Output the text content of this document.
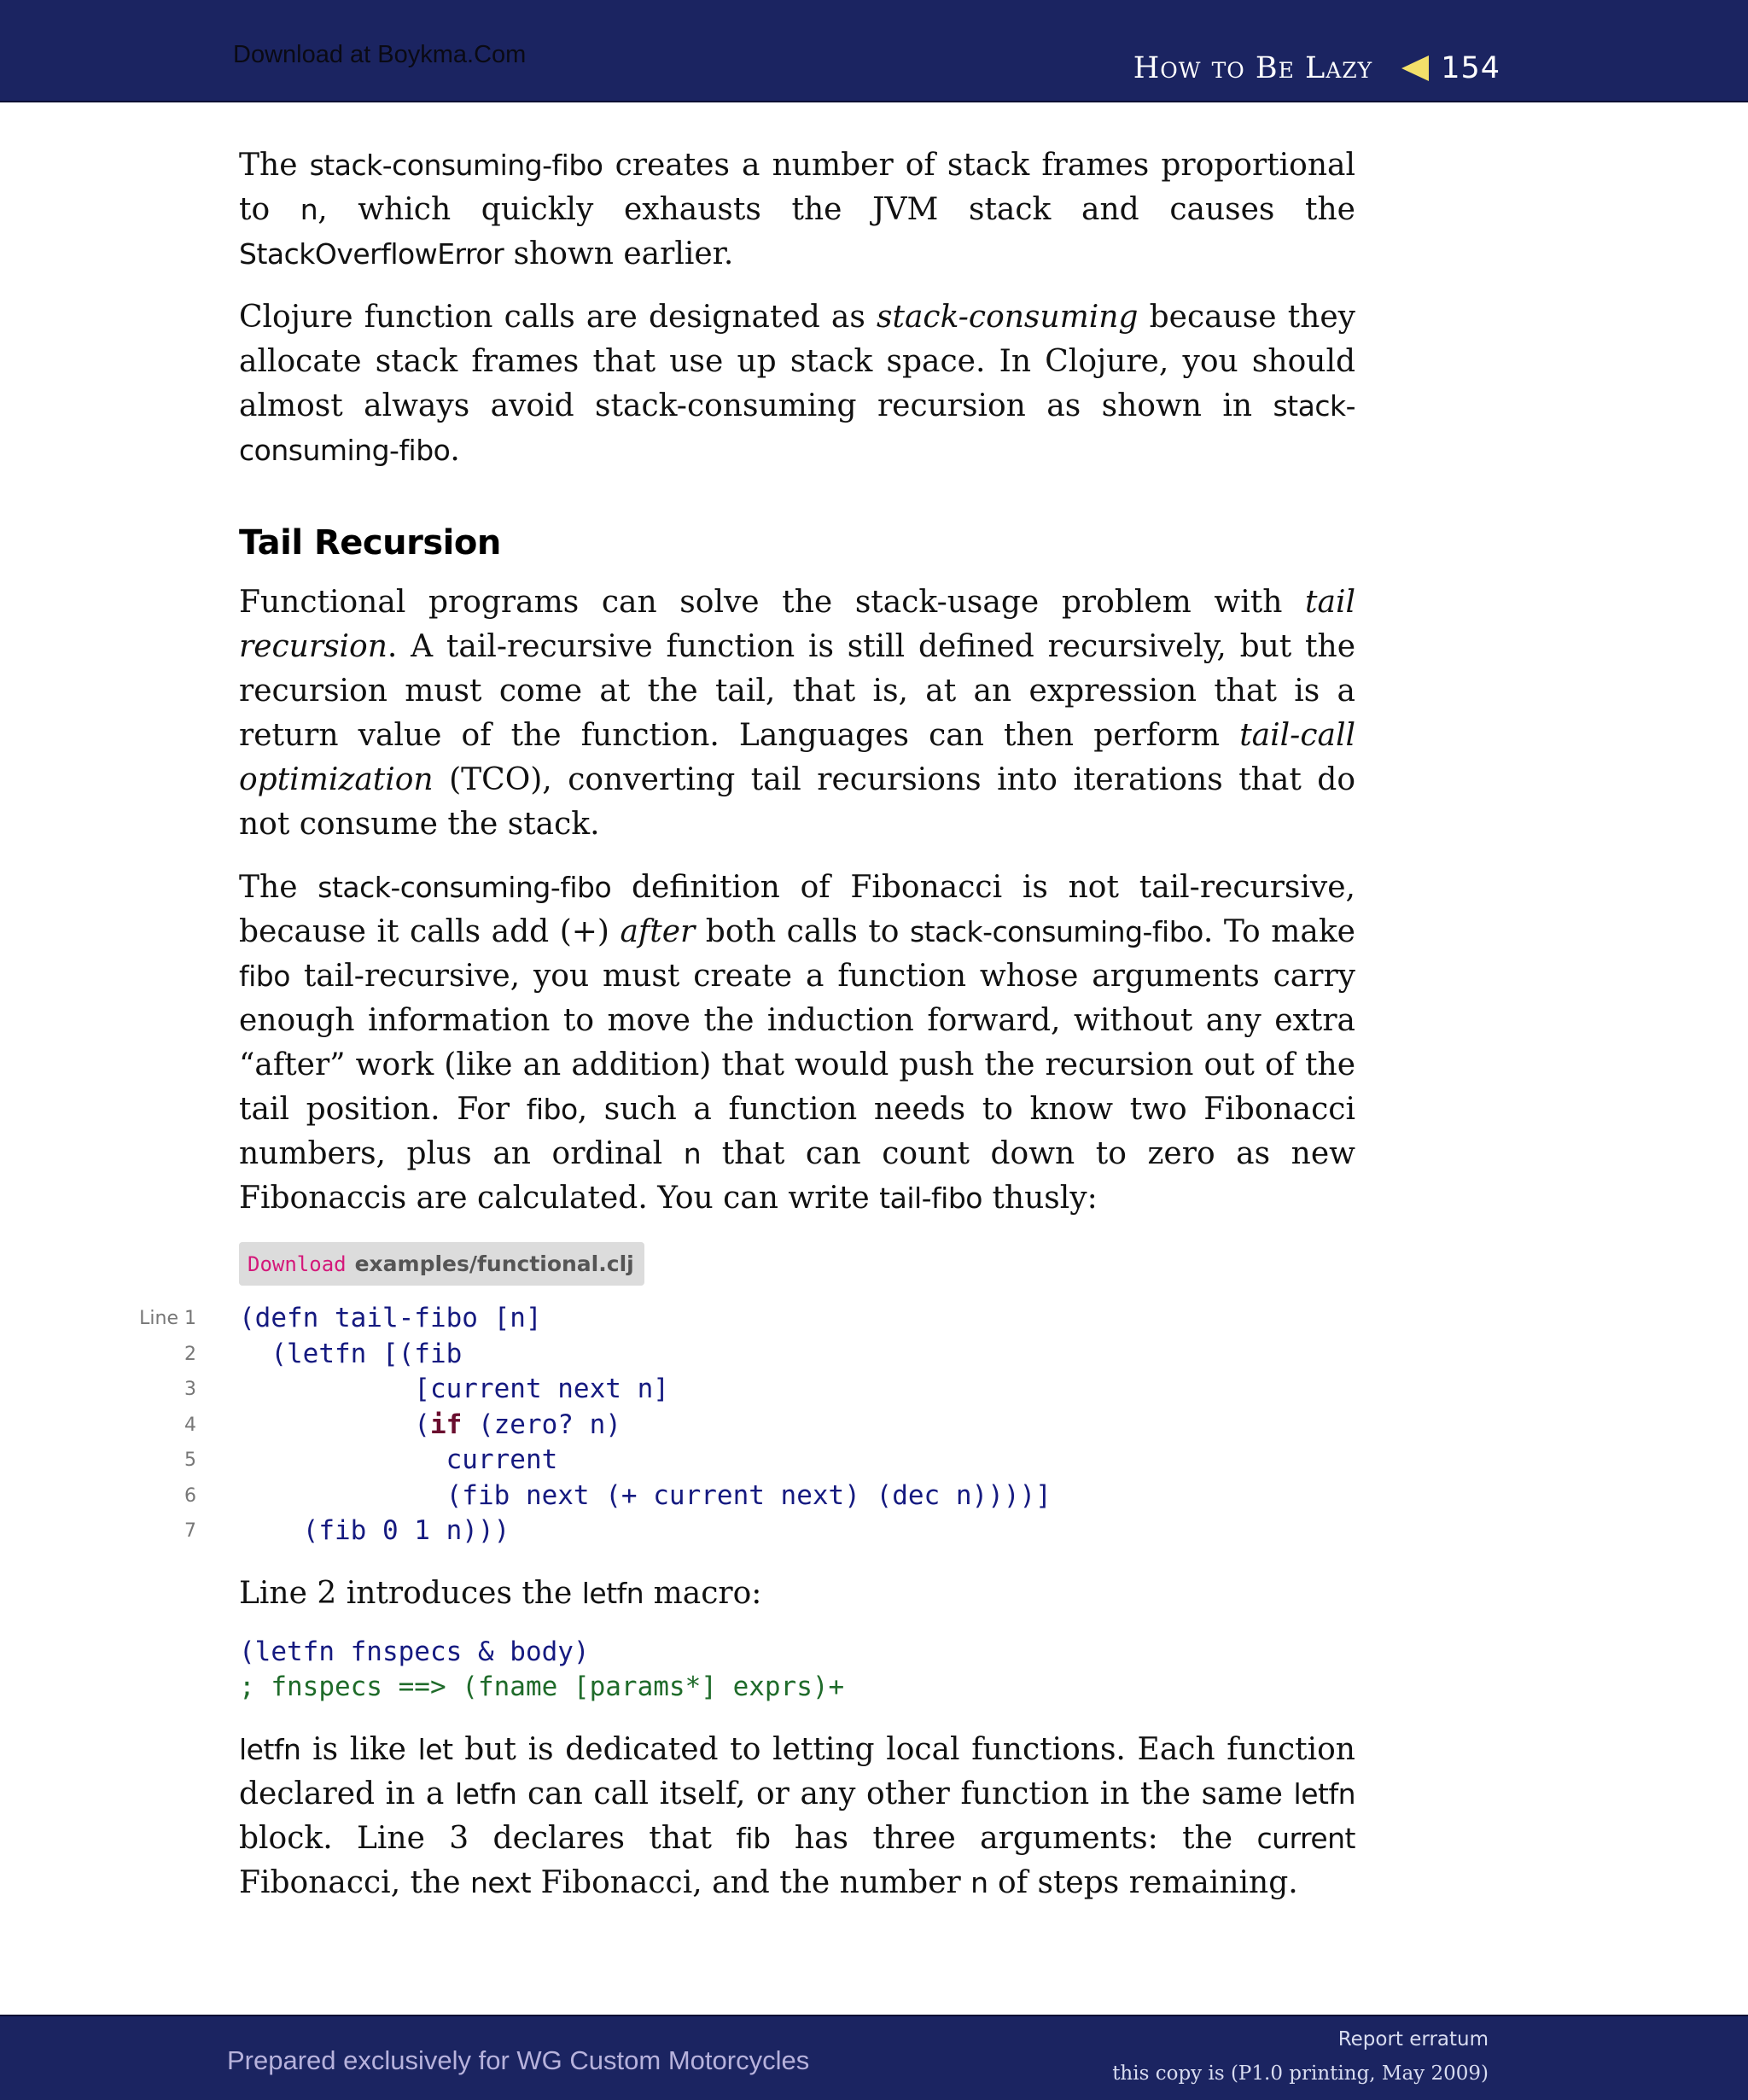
Download at Boykma.Com	How to Be Lazy 154

The stack-consuming-fibo creates a number of stack frames proportional to n, which quickly exhausts the JVM stack and causes the StackOverflowError shown earlier.

Clojure function calls are designated as stack-consuming because they allocate stack frames that use up stack space. In Clojure, you should almost always avoid stack-consuming recursion as shown in stack-consuming-fibo.

Tail Recursion

Functional programs can solve the stack-usage problem with tail recursion. A tail-recursive function is still defined recursively, but the recursion must come at the tail, that is, at an expression that is a return value of the function. Languages can then perform tail-call optimization (TCO), converting tail recursions into iterations that do not consume the stack.

The stack-consuming-fibo definition of Fibonacci is not tail-recursive, because it calls add (+) after both calls to stack-consuming-fibo. To make fibo tail-recursive, you must create a function whose arguments carry enough information to move the induction forward, without any extra “after” work (like an addition) that would push the recursion out of the tail position. For fibo, such a function needs to know two Fibonacci numbers, plus an ordinal n that can count down to zero as new Fibonaccis are calculated. You can write tail-fibo thusly:

Download examples/functional.clj
Line 1 (defn tail-fibo [n]
2 (letfn [(fib
3 [current next n]
4 (if (zero? n)
5 current
6 (fib next (+ current next) (dec n))))]
7 (fib 0 1 n)))

Line 2 introduces the letfn macro:

(letfn fnspecs & body)
; fnspecs ==> (fname [params*] exprs)+

letfn is like let but is dedicated to letting local functions. Each function declared in a letfn can call itself, or any other function in the same letfn block. Line 3 declares that fib has three arguments: the current Fibonacci, the next Fibonacci, and the number n of steps remaining.

Prepared exclusively for WG Custom Motorcycles
Report erratum
this copy is (P1.0 printing, May 2009)
